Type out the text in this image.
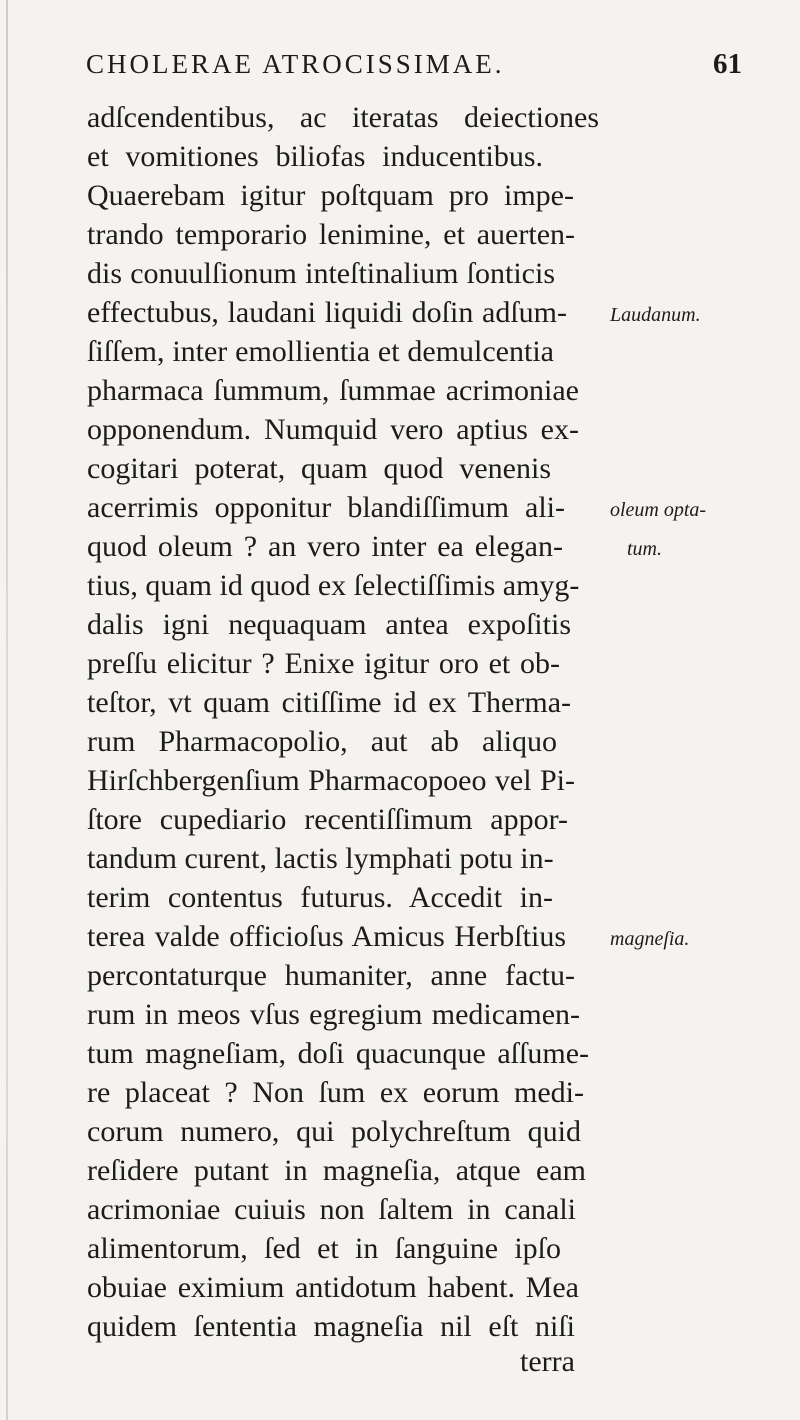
CHOLERAE ATROCISSIMAE.	61
adſcendentibus, ac iteratas deiectiones
et vomitiones biliofas inducentibus.
Quaerebam igitur poſtquam pro impe-
trando temporario lenimine, et auerten-
dis conuulſionum inteſtinalium ſonticis
effectubus, laudani liquidi doſin adſum-
ſiſſem, inter emollientia et demulcentia
pharmaca ſummum, ſummae acrimoniae
opponendum. Numquid vero aptius ex-
cogitari poterat, quam quod venenis
acerrimis opponitur blandiſſimum ali-
quod oleum ? an vero inter ea elegan-
tius, quam id quod ex ſelectiſſimis amyg-
dalis igni nequaquam antea expoſitis
preſſu elicitur ? Enixe igitur oro et ob-
teſtor, vt quam citiſſime id ex Therma-
rum Pharmacopolio, aut ab aliquo
Hirſchbergenſium Pharmacopoeo vel Pi-
ſtore cupediario recentiſſimum appor-
tandum curent, lactis lymphati potu in-
terim contentus futurus. Accedit in-
terea valde officioſus Amicus Herbſtius
percontaturque humaniter, anne factu-
rum in meos vſus egregium medicamen-
tum magneſiam, doſi quacunque aſſume-
re placeat ? Non ſum ex eorum medi-
corum numero, qui polychreſtum quid
reſidere putant in magneſia, atque eam
acrimoniae cuiuis non ſaltem in canali
alimentorum, ſed et in ſanguine ipſo
obuiae eximium antidotum habent. Mea
quidem ſententia magneſia nil eſt niſi
Laudanum.
oleum opta-
tum.
magneſia.
terra
